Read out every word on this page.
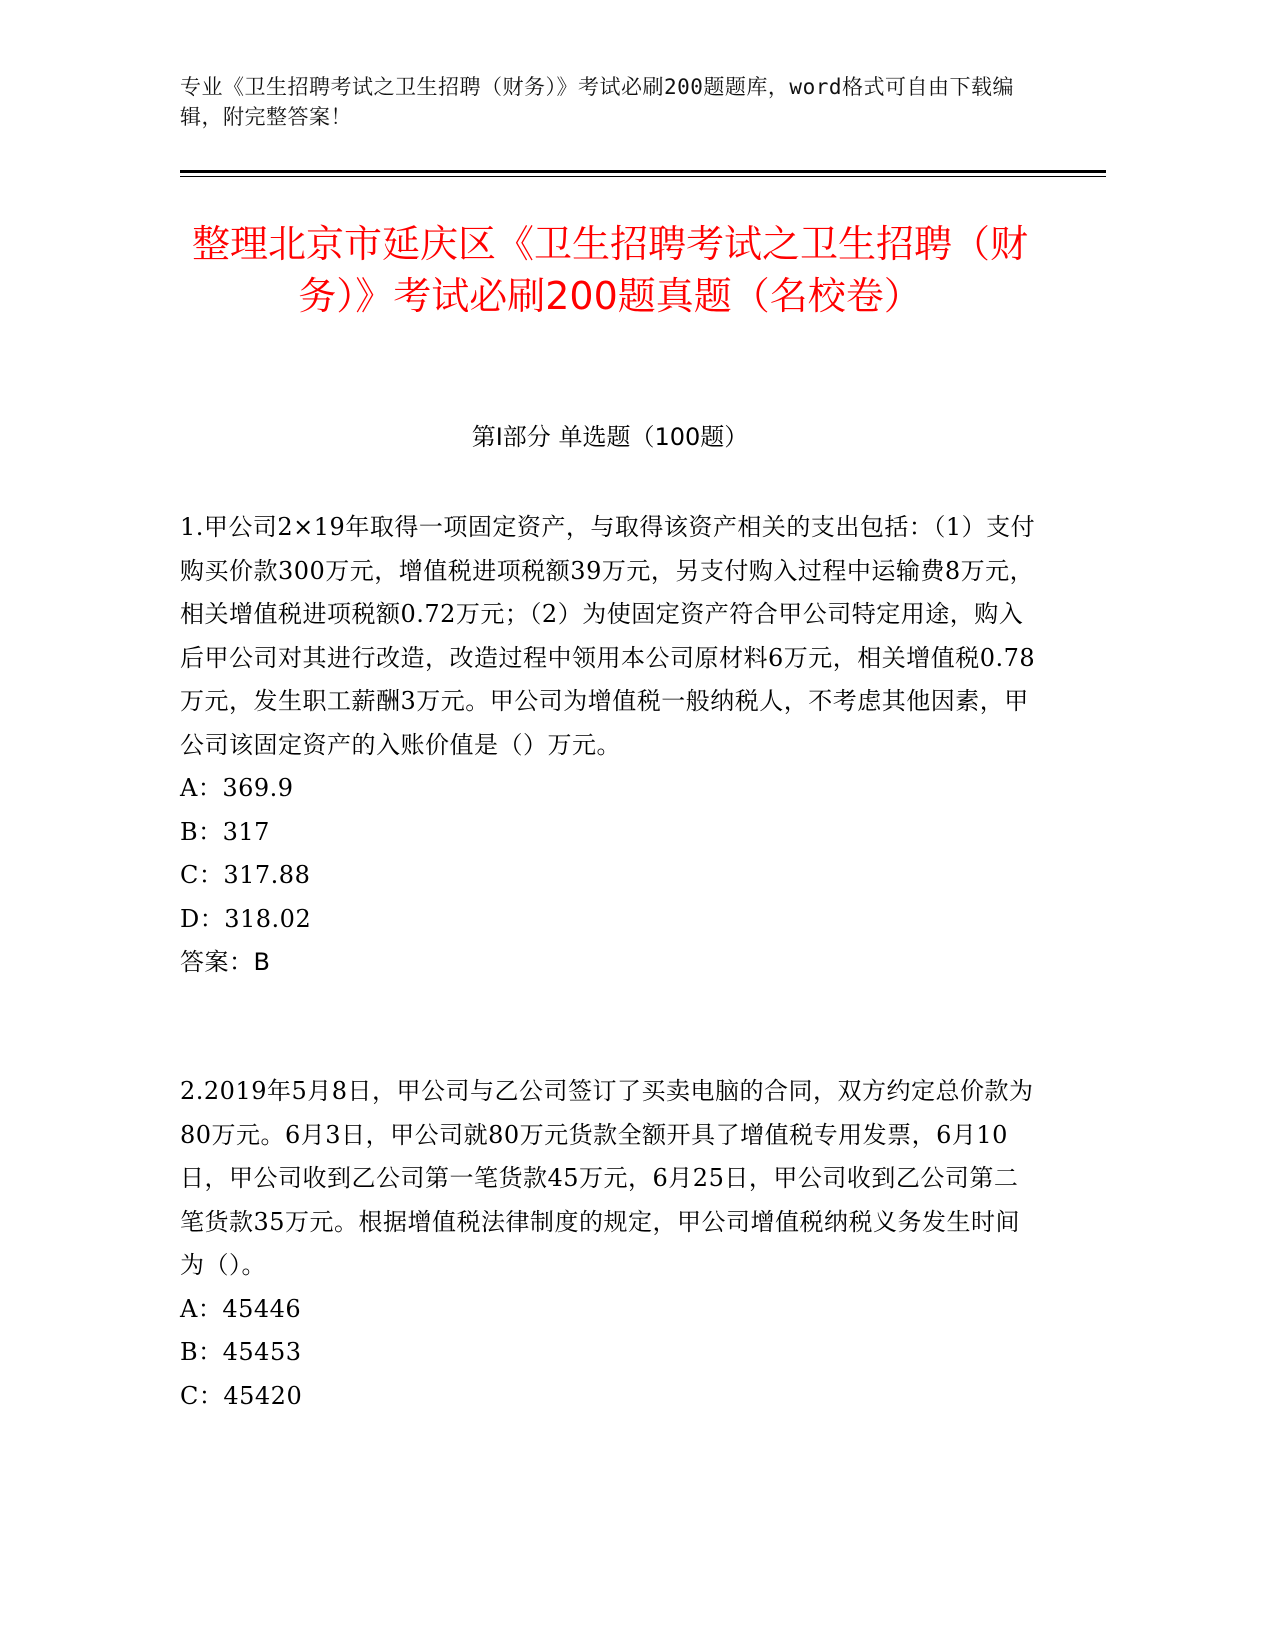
专业《卫生招聘考试之卫生招聘（财务）》考试必刷200题题库，word格式可自由下载编辑，附完整答案！
整理北京市延庆区《卫生招聘考试之卫生招聘（财务）》考试必刷200题真题（名校卷）
第Ⅰ部分 单选题（100题）

1.甲公司2×19年取得一项固定资产，与取得该资产相关的支出包括：（1）支付购买价款300万元，增值税进项税额39万元，另支付购入过程中运输费8万元，相关增值税进项税额0.72万元；（2）为使固定资产符合甲公司特定用途，购入后甲公司对其进行改造，改造过程中领用本公司原材料6万元，相关增值税0.78万元，发生职工薪酬3万元。甲公司为增值税一般纳税人，不考虑其他因素，甲公司该固定资产的入账价值是（）万元。

A：369.9

B：317

C：317.88

D：318.02

答案：B

2.2019年5月8日，甲公司与乙公司签订了买卖电脑的合同，双方约定总价款为80万元。6月3日，甲公司就80万元货款全额开具了增值税专用发票，6月10日，甲公司收到乙公司第一笔货款45万元，6月25日，甲公司收到乙公司第二笔货款35万元。根据增值税法律制度的规定，甲公司增值税纳税义务发生时间为（）。

A：45446

B：45453

C：45420
